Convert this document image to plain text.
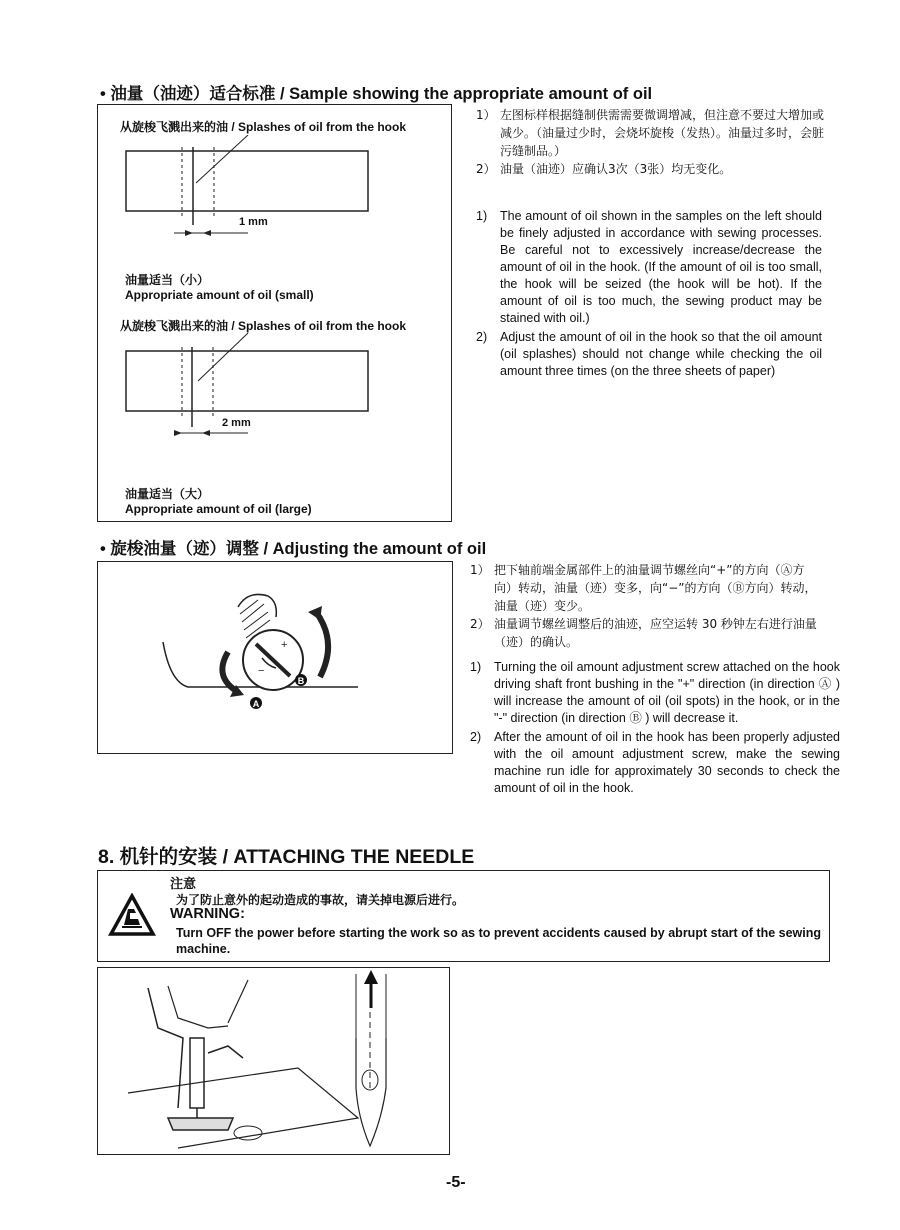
• 油量（油迹）适合标准 / Sample showing the appropriate amount of oil
从旋梭飞溅出来的油 / Splashes of oil from the hook
1 mm
油量适当（小）
Appropriate amount of oil (small)
从旋梭飞溅出来的油 / Splashes of oil from the hook
2 mm
油量适当（大）
Appropriate amount of oil (large)
1） 左图标样根据缝制供需需要微调增减，但注意不要过大增加或减少。（油量过少时，会烧坏旋梭（发热）。油量过多时，会脏污缝制品。）
2） 油量（油迹）应确认3次（3张）均无变化。
1)	The amount of oil shown in the samples on the left should be finely adjusted in accordance with sewing processes. Be careful not to excessively increase/decrease the amount of oil in the hook. (If the amount of oil is too small, the hook will be seized (the hook will be hot). If the amount of oil is too much, the sewing product may be stained with oil.)
2)	Adjust the amount of oil in the hook so that the oil amount (oil splashes) should not change while checking the oil amount three times (on the three sheets of paper)
• 旋梭油量（迹）调整 / Adjusting the amount of oil
+
−
A
B
1） 把下轴前端金属部件上的油量调节螺丝向“+”的方向（Ⓐ方向）转动，油量（迹）变多，向“−”的方向（Ⓑ方向）转动，油量（迹）变少。
2） 油量调节螺丝调整后的油迹，应空运转 30 秒钟左右进行油量（迹）的确认。
1)	Turning the oil amount adjustment screw attached on the hook driving shaft front bushing in the "+" direction (in direction Ⓐ ) will increase the amount of oil (oil spots) in the hook, or in the "-" direction (in direction Ⓑ ) will decrease it.
2)	After the amount of oil in the hook has been properly adjusted with the oil amount adjustment screw, make the sewing machine run idle for approximately 30 seconds to check the amount of oil in the hook.
8. 机针的安装 / ATTACHING THE NEEDLE
注意
为了防止意外的起动造成的事故，请关掉电源后进行。
WARNING:
Turn OFF the power before starting the work so as to prevent accidents caused by abrupt start of the sewing machine.
-5-
